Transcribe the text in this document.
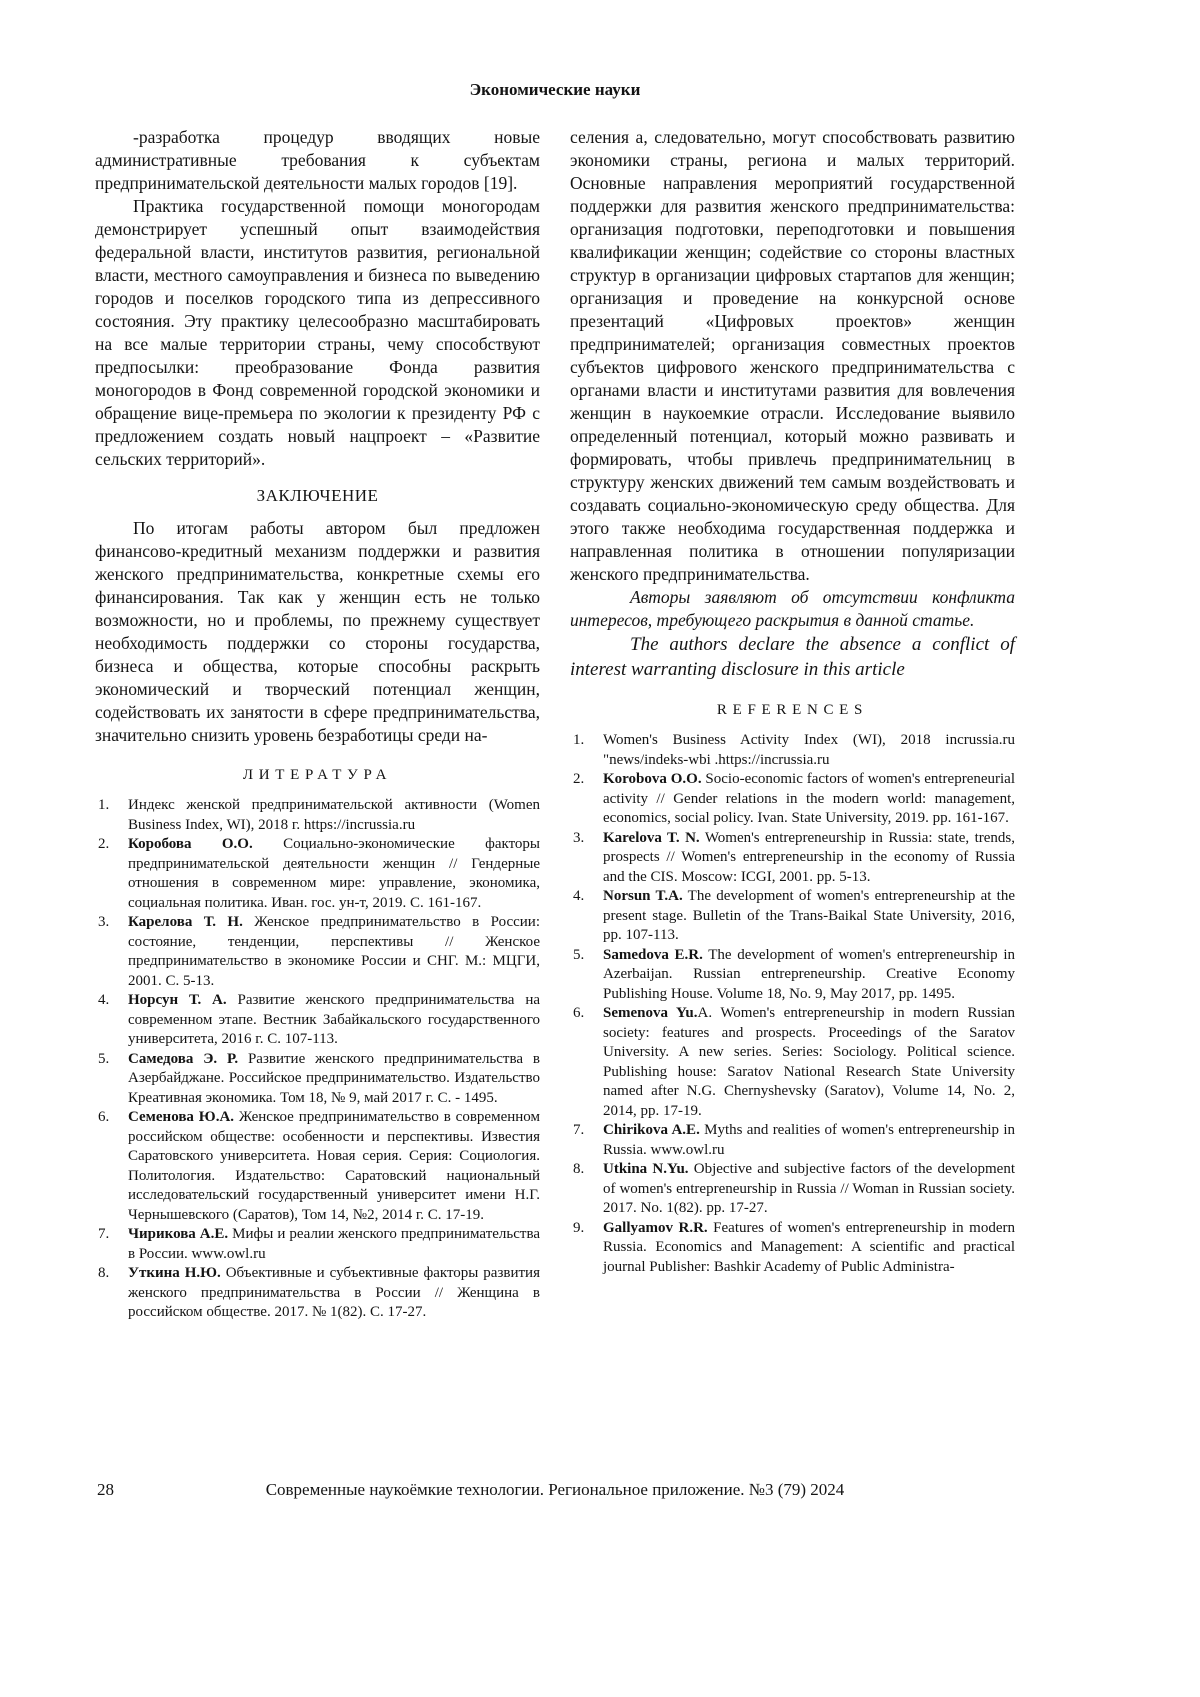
Экономические науки

-разработка процедур вводящих новые административные требования к субъектам предпринимательской деятельности малых городов [19].

Практика государственной помощи моногородам демонстрирует успешный опыт взаимодействия федеральной власти, институтов развития, региональной власти, местного самоуправления и бизнеса по выведению городов и поселков городского типа из депрессивного состояния. Эту практику целесообразно масштабировать на все малые территории страны, чему способствуют предпосылки: преобразование Фонда развития моногородов в Фонд современной городской экономики и обращение вице-премьера по экологии к президенту РФ с предложением создать новый нацпроект – «Развитие сельских территорий».

ЗАКЛЮЧЕНИЕ

По итогам работы автором был предложен финансово-кредитный механизм поддержки и развития женского предпринимательства, конкретные схемы его финансирования. Так как у женщин есть не только возможности, но и проблемы, по прежнему существует необходимость поддержки со стороны государства, бизнеса и общества, которые способны раскрыть экономический и творческий потенциал женщин, содействовать их занятости в сфере предпринимательства, значительно снизить уровень безработицы среди на-

ЛИТЕРАТУРА
1. Индекс женской предпринимательской активности (Women Business Index, WI), 2018 г. https://incrussia.ru
2. Коробова О.О. Социально-экономические факторы предпринимательской деятельности женщин // Гендерные отношения в современном мире: управление, экономика, социальная политика. Иван. гос. ун-т, 2019. С. 161-167.
3. Карелова Т. Н. Женское предпринимательство в России: состояние, тенденции, перспективы // Женское предпринимательство в экономике России и СНГ. М.: МЦГИ, 2001. С. 5-13.
4. Норсун Т. А. Развитие женского предпринимательства на современном этапе. Вестник Забайкальского государственного университета, 2016 г. С. 107-113.
5. Самедова Э. Р. Развитие женского предпринимательства в Азербайджане. Российское предпринимательство. Издательство Креативная экономика. Том 18, № 9, май 2017 г. С. - 1495.
6. Семенова Ю.А. Женское предпринимательство в современном российском обществе: особенности и перспективы. Известия Саратовского университета. Новая серия. Серия: Социология. Политология. Издательство: Саратовский национальный исследовательский государственный университет имени Н.Г. Чернышевского (Саратов), Том 14, №2, 2014 г. С. 17-19.
7. Чирикова А.Е. Мифы и реалии женского предпринимательства в России. www.owl.ru
8. Уткина Н.Ю. Объективные и субъективные факторы развития женского предпринимательства в России // Женщина в российском обществе. 2017. № 1(82). С. 17-27.

селения а, следовательно, могут способствовать развитию экономики страны, региона и малых территорий. Основные направления мероприятий государственной поддержки для развития женского предпринимательства: организация подготовки, переподготовки и повышения квалификации женщин; содействие со стороны властных структур в организации цифровых стартапов для женщин; организация и проведение на конкурсной основе презентаций «Цифровых проектов» женщин предпринимателей; организация совместных проектов субъектов цифрового женского предпринимательства с органами власти и институтами развития для вовлечения женщин в наукоемкие отрасли. Исследование выявило определенный потенциал, который можно развивать и формировать, чтобы привлечь предпринимательниц в структуру женских движений тем самым воздействовать и создавать социально-экономическую среду общества. Для этого также необходима государственная поддержка и направленная политика в отношении популяризации женского предпринимательства.

Авторы заявляют об отсутствии конфликта интересов, требующего раскрытия в данной статье.

The authors declare the absence a conflict of interest warranting disclosure in this article

REFERENCES
1. Women's Business Activity Index (WI), 2018 incrussia.ru "news/indeks-wbi .https://incrussia.ru
2. Korobova O.O. Socio-economic factors of women's entrepreneurial activity // Gender relations in the modern world: management, economics, social policy. Ivan. State University, 2019. pp. 161-167.
3. Karelova T. N. Women's entrepreneurship in Russia: state, trends, prospects // Women's entrepreneurship in the economy of Russia and the CIS. Moscow: ICGI, 2001. pp. 5-13.
4. Norsun T.A. The development of women's entrepreneurship at the present stage. Bulletin of the Trans-Baikal State University, 2016, pp. 107-113.
5. Samedova E.R. The development of women's entrepreneurship in Azerbaijan. Russian entrepreneurship. Creative Economy Publishing House. Volume 18, No. 9, May 2017, pp. 1495.
6. Semenova Yu.A. Women's entrepreneurship in modern Russian society: features and prospects. Proceedings of the Saratov University. A new series. Series: Sociology. Political science. Publishing house: Saratov National Research State University named after N.G. Chernyshevsky (Saratov), Volume 14, No. 2, 2014, pp. 17-19.
7. Chirikova A.E. Myths and realities of women's entrepreneurship in Russia. www.owl.ru
8. Utkina N.Yu. Objective and subjective factors of the development of women's entrepreneurship in Russia // Woman in Russian society. 2017. No. 1(82). pp. 17-27.
9. Gallyamov R.R. Features of women's entrepreneurship in modern Russia. Economics and Management: A scientific and practical journal Publisher: Bashkir Academy of Public Administra-
28	Современные наукоёмкие технологии. Региональное приложение. №3 (79) 2024
